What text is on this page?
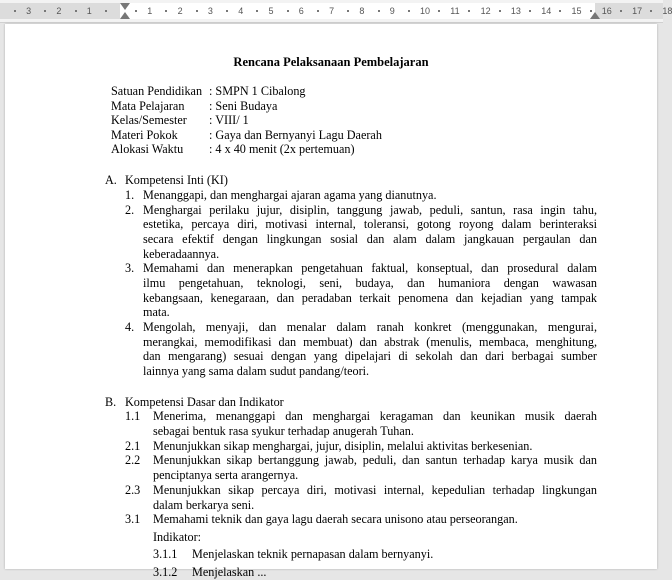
3	2	1	1	2	3	4	5	6	7	8	9	10 11 12 13 14 15 16 17 18
Rencana Pelaksanaan Pembelajaran
Satuan Pendidikan : SMPN 1 Cibalong
Mata Pelajaran : Seni Budaya
Kelas/Semester : VIII/ 1
Materi Pokok	: Gaya dan Bernyanyi Lagu Daerah
Alokasi Waktu : 4 x 40 menit (2x pertemuan)
A. Kompetensi Inti (KI)
1. Menanggapi, dan menghargai ajaran agama yang dianutnya.
2. Menghargai perilaku jujur, disiplin, tanggung jawab, peduli, santun, rasa ingin tahu,
estetika, percaya diri, motivasi internal, toleransi, gotong royong dalam berinteraksi
secara efektif dengan lingkungan sosial dan alam dalam jangkauan pergaulan dan
keberadaannya.
3. Memahami dan menerapkan pengetahuan faktual, konseptual, dan prosedural dalam
ilmu pengetahuan, teknologi, seni, budaya, dan humaniora dengan wawasan
kebangsaan, kenegaraan, dan peradaban terkait penomena dan kejadian yang tampak
mata.
4. Mengolah, menyaji, dan menalar dalam ranah konkret (menggunakan, mengurai,
merangkai, memodifikasi dan membuat) dan abstrak (menulis, membaca, menghitung,
dan mengarang) sesuai dengan yang dipelajari di sekolah dan dari berbagai sumber
lainnya yang sama dalam sudut pandang/teori.
B. Kompetensi Dasar dan Indikator
1.1 Menerima, menanggapi dan menghargai keragaman dan keunikan musik daerah
sebagai bentuk rasa syukur terhadap anugerah Tuhan.
2.1 Menunjukkan sikap menghargai, jujur, disiplin, melalui aktivitas berkesenian.
2.2 Menunjukkan sikap bertanggung jawab, peduli, dan santun terhadap karya musik dan
penciptanya serta arangernya.
2.3 Menunjukkan sikap percaya diri, motivasi internal, kepedulian terhadap lingkungan
dalam berkarya seni.
3.1 Memahami teknik dan gaya lagu daerah secara unisono atau perseorangan.
Indikator:
3.1.1 Menjelaskan teknik pernapasan dalam bernyanyi.
3.1.2 Menjelaskan ...
